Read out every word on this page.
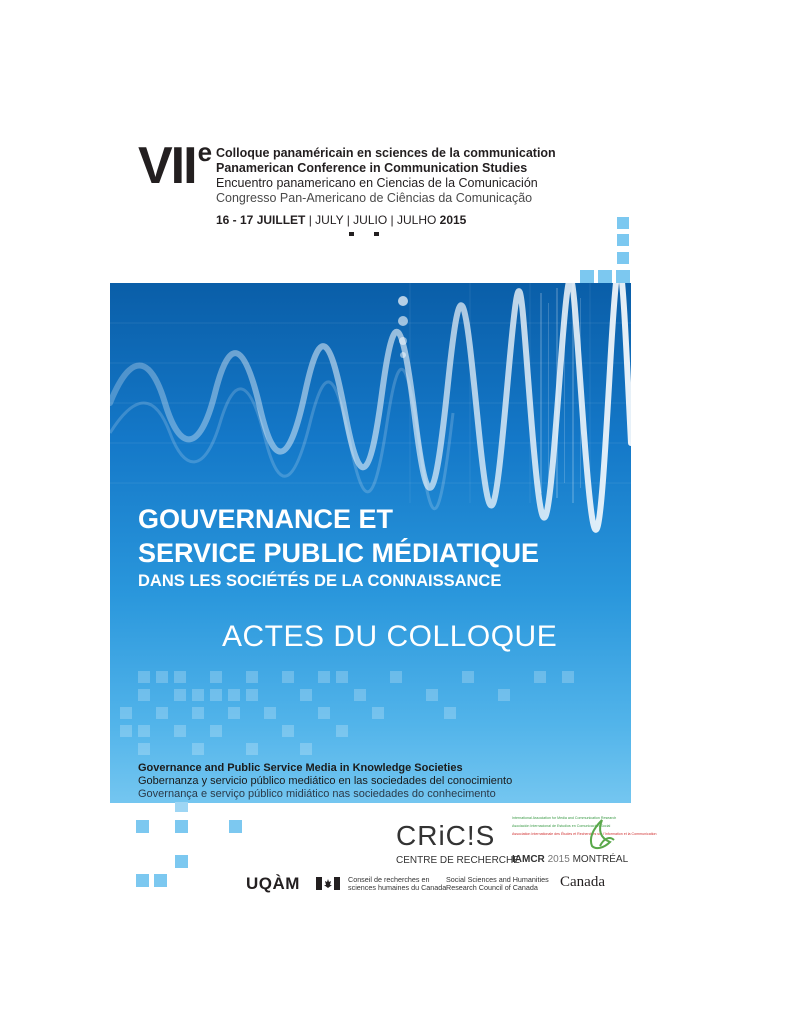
VIIe Colloque panaméricain en sciences de la communication
Panamerican Conference in Communication Studies
Encuentro panamericano en Ciencias de la Comunicación
Congresso Pan-Americano de Ciências da Comunicação
16 - 17 JUILLET | JULY | JULIO | JULHO 2015
GOUVERNANCE ET
SERVICE PUBLIC MÉDIATIQUE
DANS LES SOCIÉTÉS DE LA CONNAISSANCE
ACTES DU COLLOQUE
Governance and Public Service Media in Knowledge Societies
Gobernanza y servicio público mediático en las sociedades del conocimiento
Governança e serviço público midiático nas sociedades do conhecimento
CRiC!S
CENTRE DE RECHERCHE
International Association for Media and Communication Research
Asociación Internacional de Estudios en Comunicación Social
Association Internationale des Études et Recherches sur l'Information et la Communication
IAMCR 2015 MONTRÉAL
UQÀM	Conseil de recherches en
sciences humaines du Canada
Social Sciences and Humanities
Research Council of Canada	Canada
